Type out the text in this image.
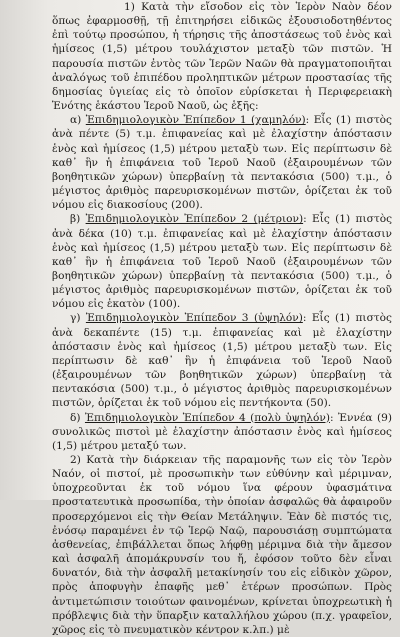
1) Κατὰ τὴν εἴσοδον εἰς τὸν Ἱερὸν Ναὸν δέον ὅπως ἐφαρμοσθῇ, τῇ ἐπιτηρήσει εἰδικῶς ἐξουσιοδοτηθέντος ἐπὶ τούτῳ προσώπου, ἡ τήρησις τῆς ἀποστάσεως τοῦ ἑνὸς καὶ ἡμίσεος (1,5) μέτρου τουλάχιστον μεταξὺ τῶν πιστῶν. Ἡ παρουσία πιστῶν ἐντὸς τῶν Ἱερῶν Ναῶν θὰ πραγματοποιῆται ἀναλόγως τοῦ ἐπιπέδου προληπτικῶν μέτρων προστασίας τῆς δημοσίας ὑγιείας εἰς τὸ ὁποῖον εὑρίσκεται ἡ Περιφερειακὴ Ἑνότης ἑκάστου Ἱεροῦ Ναοῦ, ὡς ἑξῆς:

α) Ἐπιδημιολογικὸν Ἐπίπεδον 1 (χαμηλόν): Εἷς (1) πιστὸς ἀνὰ πέντε (5) τ.μ. ἐπιφανείας καὶ μὲ ἐλαχίστην ἀπόστασιν ἑνὸς καὶ ἡμίσεος (1,5) μέτρου μεταξὺ των. Εἰς περίπτωσιν δὲ καθ᾿ ἣν ἡ ἐπιφάνεια τοῦ Ἱεροῦ Ναοῦ (ἐξαιρουμένων τῶν βοηθητικῶν χώρων) ὑπερβαίνῃ τὰ πεντακόσια (500) τ.μ., ὁ μέγιστος ἀριθμὸς παρευρισκομένων πιστῶν, ὁρίζεται ἐκ τοῦ νόμου εἰς διακοσίους (200).

β) Ἐπιδημιολογικὸν Ἐπίπεδον 2 (μέτριον): Εἷς (1) πιστὸς ἀνὰ δέκα (10) τ.μ. ἐπιφανείας καὶ μὲ ἐλαχίστην ἀπόστασιν ἑνὸς καὶ ἡμίσεος (1,5) μέτρου μεταξὺ των. Εἰς περίπτωσιν δὲ καθ᾿ ἣν ἡ ἐπιφάνεια τοῦ Ἱεροῦ Ναοῦ (ἐξαιρουμένων τῶν βοηθητικῶν χώρων) ὑπερβαίνῃ τὰ πεντακόσια (500) τ.μ., ὁ μέγιστος ἀριθμὸς παρευρισκομένων πιστῶν, ὁρίζεται ἐκ τοῦ νόμου εἰς ἑκατὸν (100).

γ) Ἐπιδημιολογικὸν Ἐπίπεδον 3 (ὑψηλόν): Εἷς (1) πιστὸς ἀνὰ δεκαπέντε (15) τ.μ. ἐπιφανείας καὶ μὲ ἐλαχίστην ἀπόστασιν ἑνὸς καὶ ἡμίσεος (1,5) μέτρου μεταξὺ των. Εἰς περίπτωσιν δὲ καθ᾿ ἣν ἡ ἐπιφάνεια τοῦ Ἱεροῦ Ναοῦ (ἐξαιρουμένων τῶν βοηθητικῶν χώρων) ὑπερβαίνῃ τὰ πεντακόσια (500) τ.μ., ὁ μέγιστος ἀριθμὸς παρευρισκομένων πιστῶν, ὁρίζεται ἐκ τοῦ νόμου εἰς πεντήκοντα (50).

δ) Ἐπιδημιολογικὸν Ἐπίπεδον 4 (πολὺ ὑψηλόν): Ἐννέα (9) συνολικῶς πιστοὶ μὲ ἐλαχίστην ἀπόστασιν ἑνὸς καὶ ἡμίσεος (1,5) μέτρου μεταξύ των.

2) Κατὰ τὴν διάρκειαν τῆς παραμονῆς των εἰς τὸν Ἱερὸν Ναόν, οἱ πιστοί, μὲ προσωπικὴν των εὐθύνην καὶ μέριμναν, ὑποχρεοῦνται ἐκ τοῦ νόμου ἵνα φέρουν ὑφασμάτινα προστατευτικὰ προσωπίδα, τὴν ὁποίαν ἀσφαλῶς θὰ ἀφαιροῦν προσερχόμενοι εἰς τὴν Θείαν Μετάληψιν. Ἐὰν δὲ πιστός τις, ἐνόσῳ παραμένει ἐν τῷ Ἱερῷ Ναῷ, παρουσιάσῃ συμπτώματα ἀσθενείας, ἐπιβάλλεται ὅπως λήφθῃ μέριμνα διὰ τὴν ἄμεσον καὶ ἀσφαλῆ ἀπομάκρυνσίν του ἤ, ἐφόσον τοῦτο δὲν εἶναι δυνατόν, διὰ τὴν ἀσφαλῆ μετακίνησίν του εἰς εἰδικὸν χῶρον, πρὸς ἀποφυγὴν ἐπαφῆς μεθ᾿ ἑτέρων προσώπων. Πρὸς ἀντιμετώπισιν τοιούτων φαινομένων, κρίνεται ὑποχρεωτικὴ ἡ πρόβλεψις διὰ τὴν ὕπαρξιν καταλλήλου χώρου (π.χ. γραφεῖον, χῶρος εἰς τὸ πνευματικὸν κέντρον κ.λπ.) μὲ
